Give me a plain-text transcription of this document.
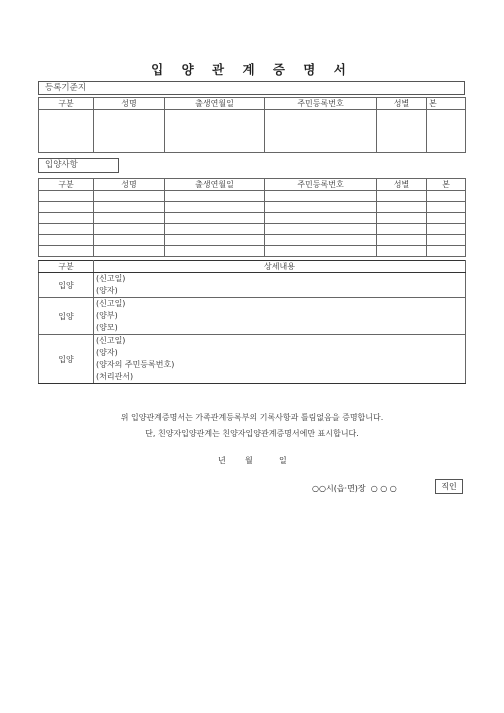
입 양 관 계 증 명 서
등록기준지
구분	성명	출생연월일	주민등록번호	성별	본

입양사항
구분	성명	출생연월일	주민등록번호	성별	본

구분	상세내용
입양	(신고일)
(양자)

입양	(신고일)
(양부)
(양모)

입양	(신고일)
(양자)
(양자의 주민등록번호)
(처리관서)
위 입양관계증명서는 가족관계등록부의 기록사항과 틀림없음을 증명합니다.
단, 친양자입양관계는 친양자입양관계증명서에만 표시합니다.
년 월	일
○○시(읍·면)장  ○ ○ ○	직인
